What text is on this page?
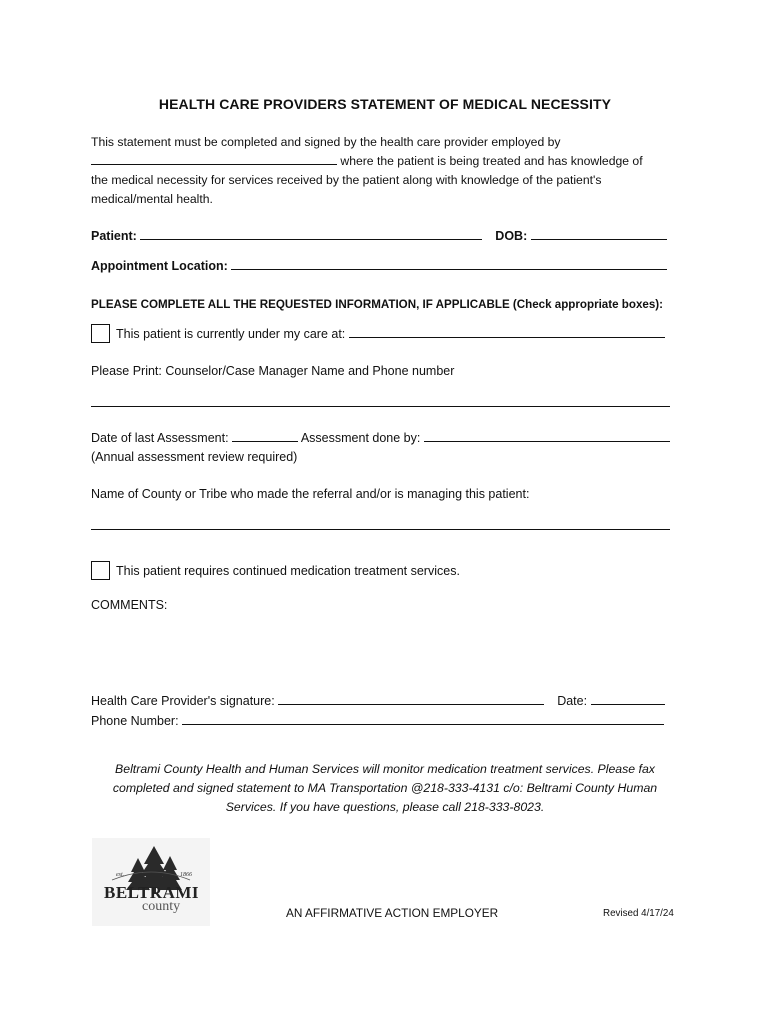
HEALTH CARE PROVIDERS STATEMENT OF MEDICAL NECESSITY

This statement must be completed and signed by the health care provider employed by

where the patient is being treated and has knowledge of

the medical necessity for services received by the patient along with knowledge of the patient's

medical/mental health.

Patient:	DOB:
Appointment Location:
PLEASE COMPLETE ALL THE REQUESTED INFORMATION, IF APPLICABLE (Check appropriate boxes):
This patient is currently under my care at:
Please Print: Counselor/Case Manager Name and Phone number
Date of last Assessment:	Assessment done by:
(Annual assessment review required)
Name of County or Tribe who made the referral and/or is managing this patient:
This patient requires continued medication treatment services.
COMMENTS:
Health Care Provider's signature:	Date:
Phone Number:

Beltrami County Health and Human Services will monitor medication treatment services. Please fax

completed and signed statement to MA Transportation @218-333-4131 c/o: Beltrami County Human

Services. If you have questions, please call 218-333-8023.

est.	1866
BELTRAMI
county	AN AFFIRMATIVE ACTION EMPLOYER	Revised 4/17/24
